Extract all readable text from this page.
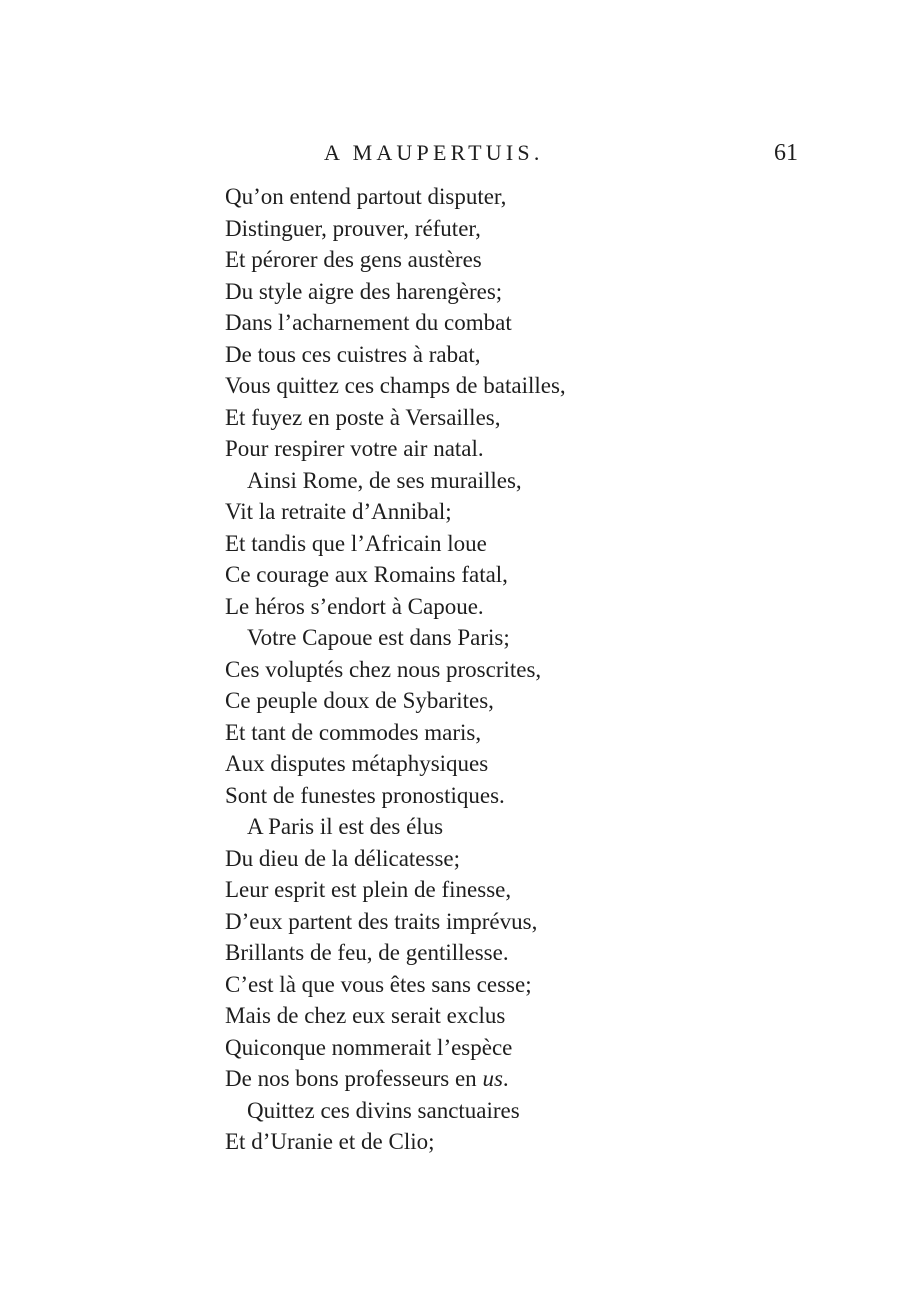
A MAUPERTUIS.	61
Qu’on entend partout disputer,
Distinguer, prouver, réfuter,
Et pérorer des gens austères
Du style aigre des harengères;
Dans l’acharnement du combat
De tous ces cuistres à rabat,
Vous quittez ces champs de batailles,
Et fuyez en poste à Versailles,
Pour respirer votre air natal.
Ainsi Rome, de ses murailles,
Vit la retraite d’Annibal;
Et tandis que l’Africain loue
Ce courage aux Romains fatal,
Le héros s’endort à Capoue.
Votre Capoue est dans Paris;
Ces voluptés chez nous proscrites,
Ce peuple doux de Sybarites,
Et tant de commodes maris,
Aux disputes métaphysiques
Sont de funestes pronostiques.
A Paris il est des élus
Du dieu de la délicatesse;
Leur esprit est plein de finesse,
D’eux partent des traits imprévus,
Brillants de feu, de gentillesse.
C’est là que vous êtes sans cesse;
Mais de chez eux serait exclus
Quiconque nommerait l’espèce
De nos bons professeurs en us.
Quittez ces divins sanctuaires
Et d’Uranie et de Clio;
